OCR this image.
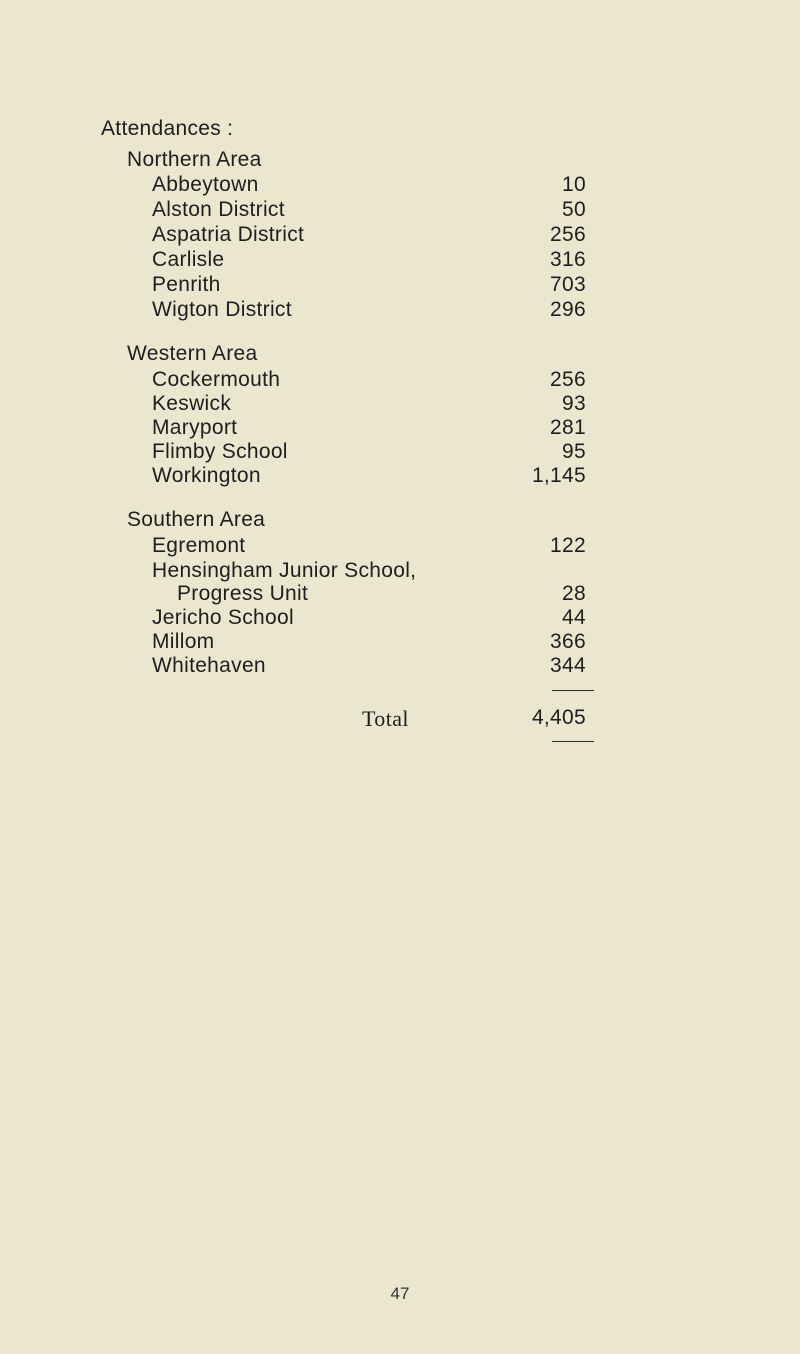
Attendances :
Northern Area
Abbeytown	10
Alston District	50
Aspatria District	256
Carlisle	316
Penrith	703
Wigton District	296
Western Area
Cockermouth	256
Keswick	93
Maryport	281
Flimby School	95
Workington	1,145
Southern Area
Egremont	122
Hensingham Junior School,
Progress Unit	28
Jericho School	44
Millom	366
Whitehaven	344
Total	4,405
47
